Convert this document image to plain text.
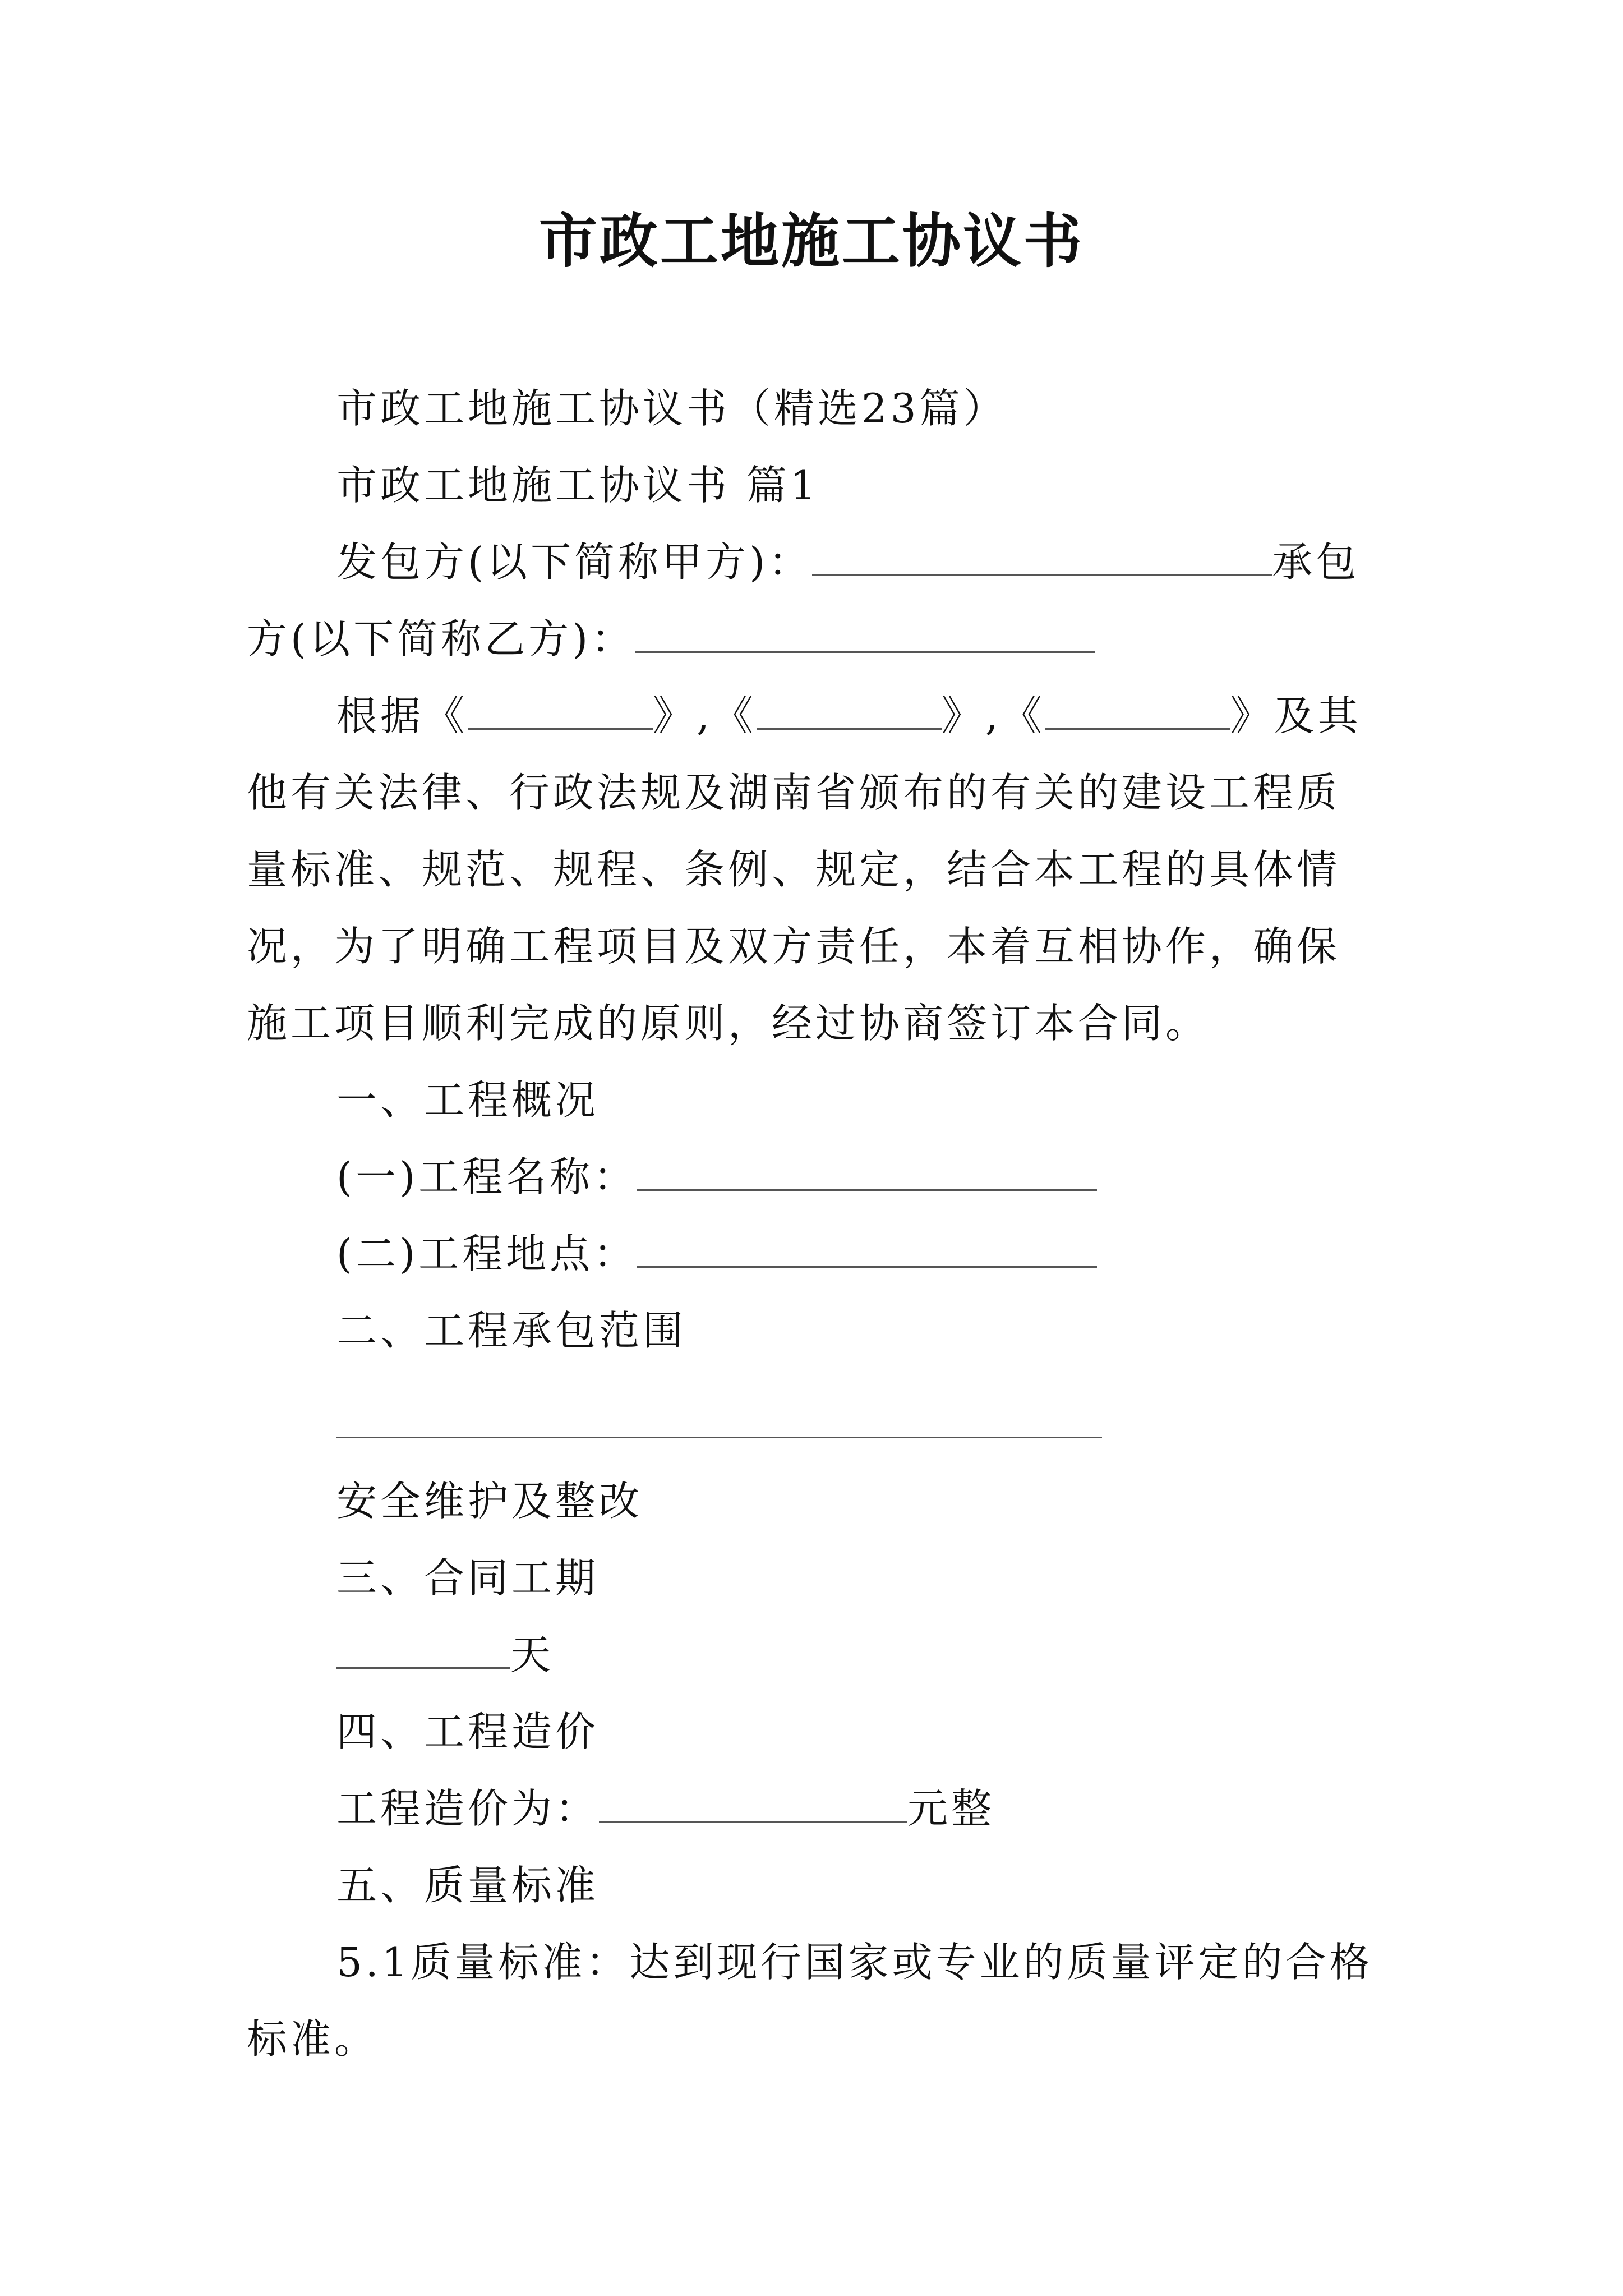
市政工地施工协议书

市政工地施工协议书（精选23篇）

市政工地施工协议书 篇1

发包方(以下简称甲方)：	承包

方(以下简称乙方)：

根据《	》,《	》,《	》及其他有关法律、行政法规及湖南省颁布的有关的建设工程质量标准、规范、规程、条例、规定，结合本工程的具体情况，为了明确工程项目及双方责任，本着互相协作，确保施工项目顺利完成的原则，经过协商签订本合同。

一、工程概况

(一)工程名称：

(二)工程地点：

二、工程承包范围

安全维护及整改

三、合同工期

天

四、工程造价

工程造价为：	元整

五、质量标准

5.1质量标准：达到现行国家或专业的质量评定的合格标准。
